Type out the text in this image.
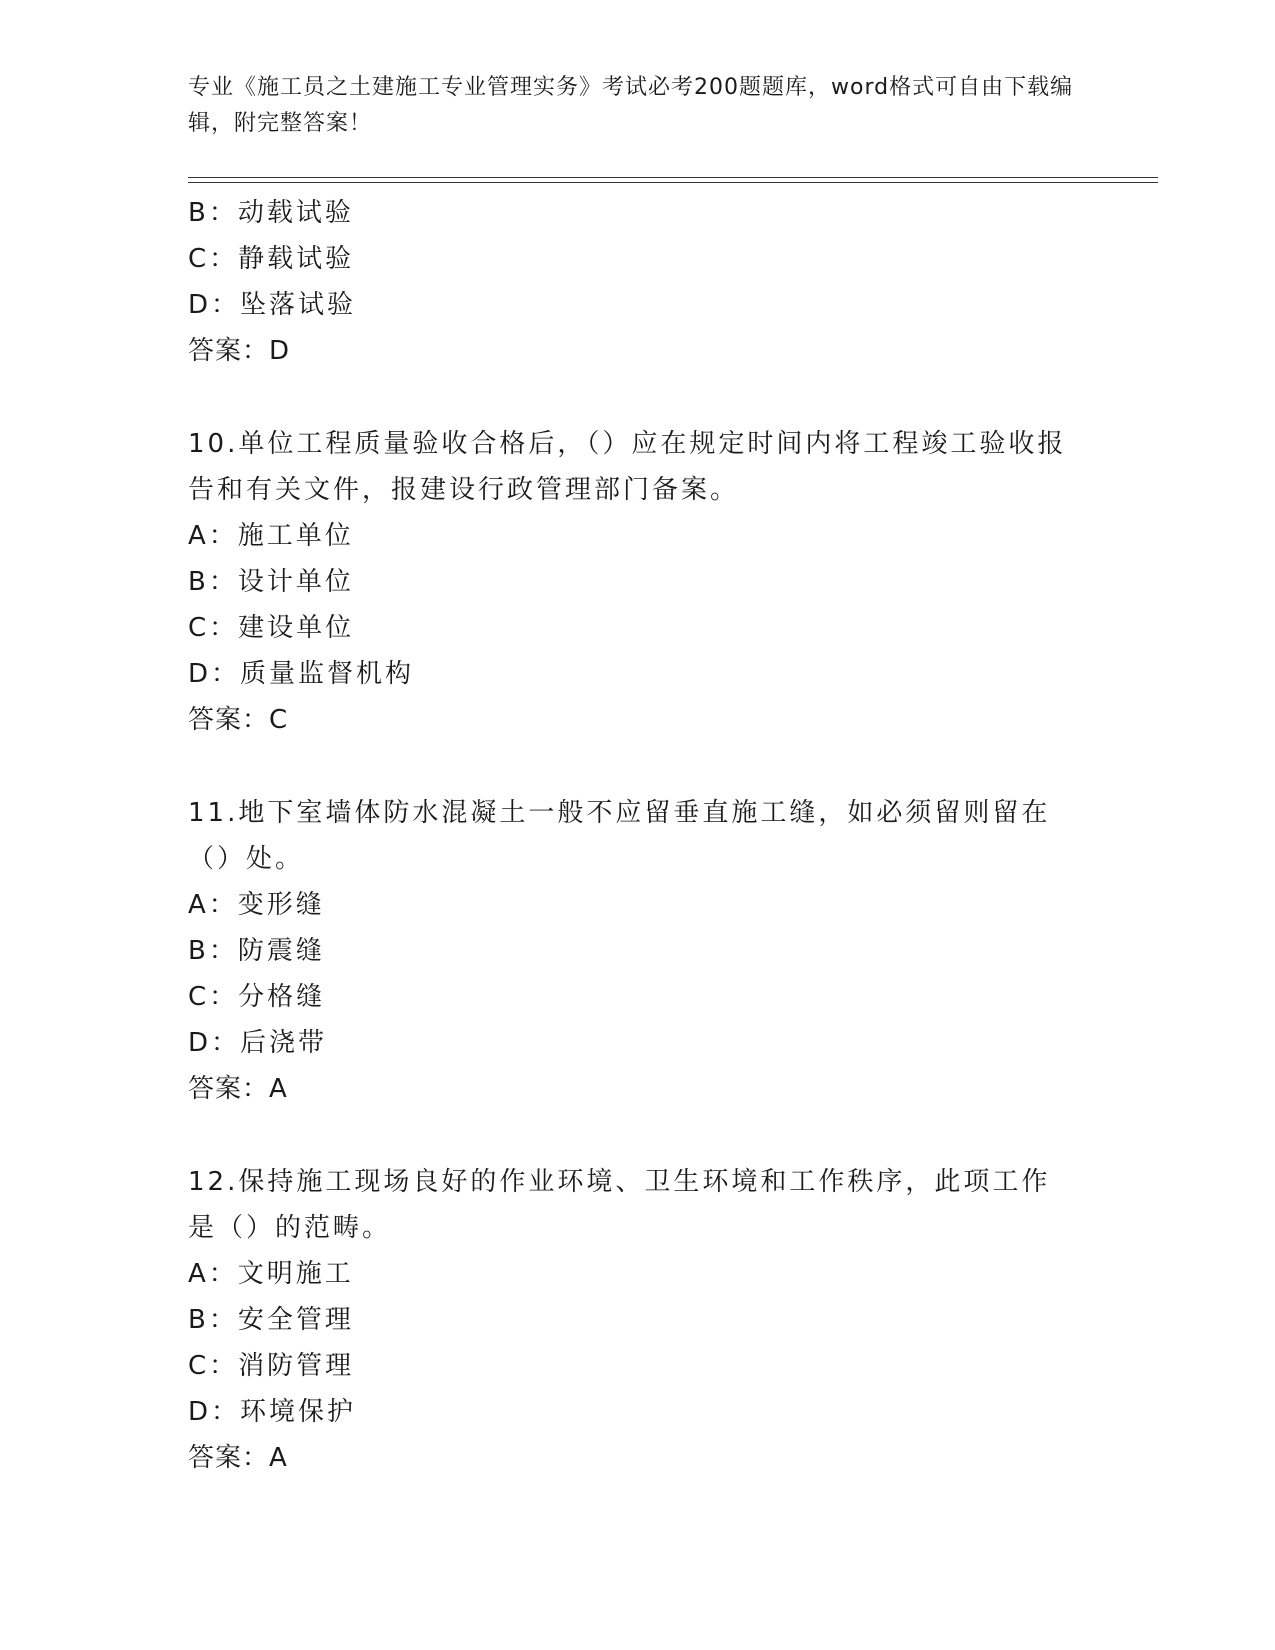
专业《施工员之土建施工专业管理实务》考试必考200题题库，word格式可自由下载编辑，附完整答案！
B：动载试验
C：静载试验
D：坠落试验
答案：D
10.单位工程质量验收合格后，（）应在规定时间内将工程竣工验收报告和有关文件，报建设行政管理部门备案。
A：施工单位
B：设计单位
C：建设单位
D：质量监督机构
答案：C
11.地下室墙体防水混凝土一般不应留垂直施工缝，如必须留则留在（）处。
A：变形缝
B：防震缝
C：分格缝
D：后浇带
答案：A
12.保持施工现场良好的作业环境、卫生环境和工作秩序，此项工作是（）的范畴。
A：文明施工
B：安全管理
C：消防管理
D：环境保护
答案：A
